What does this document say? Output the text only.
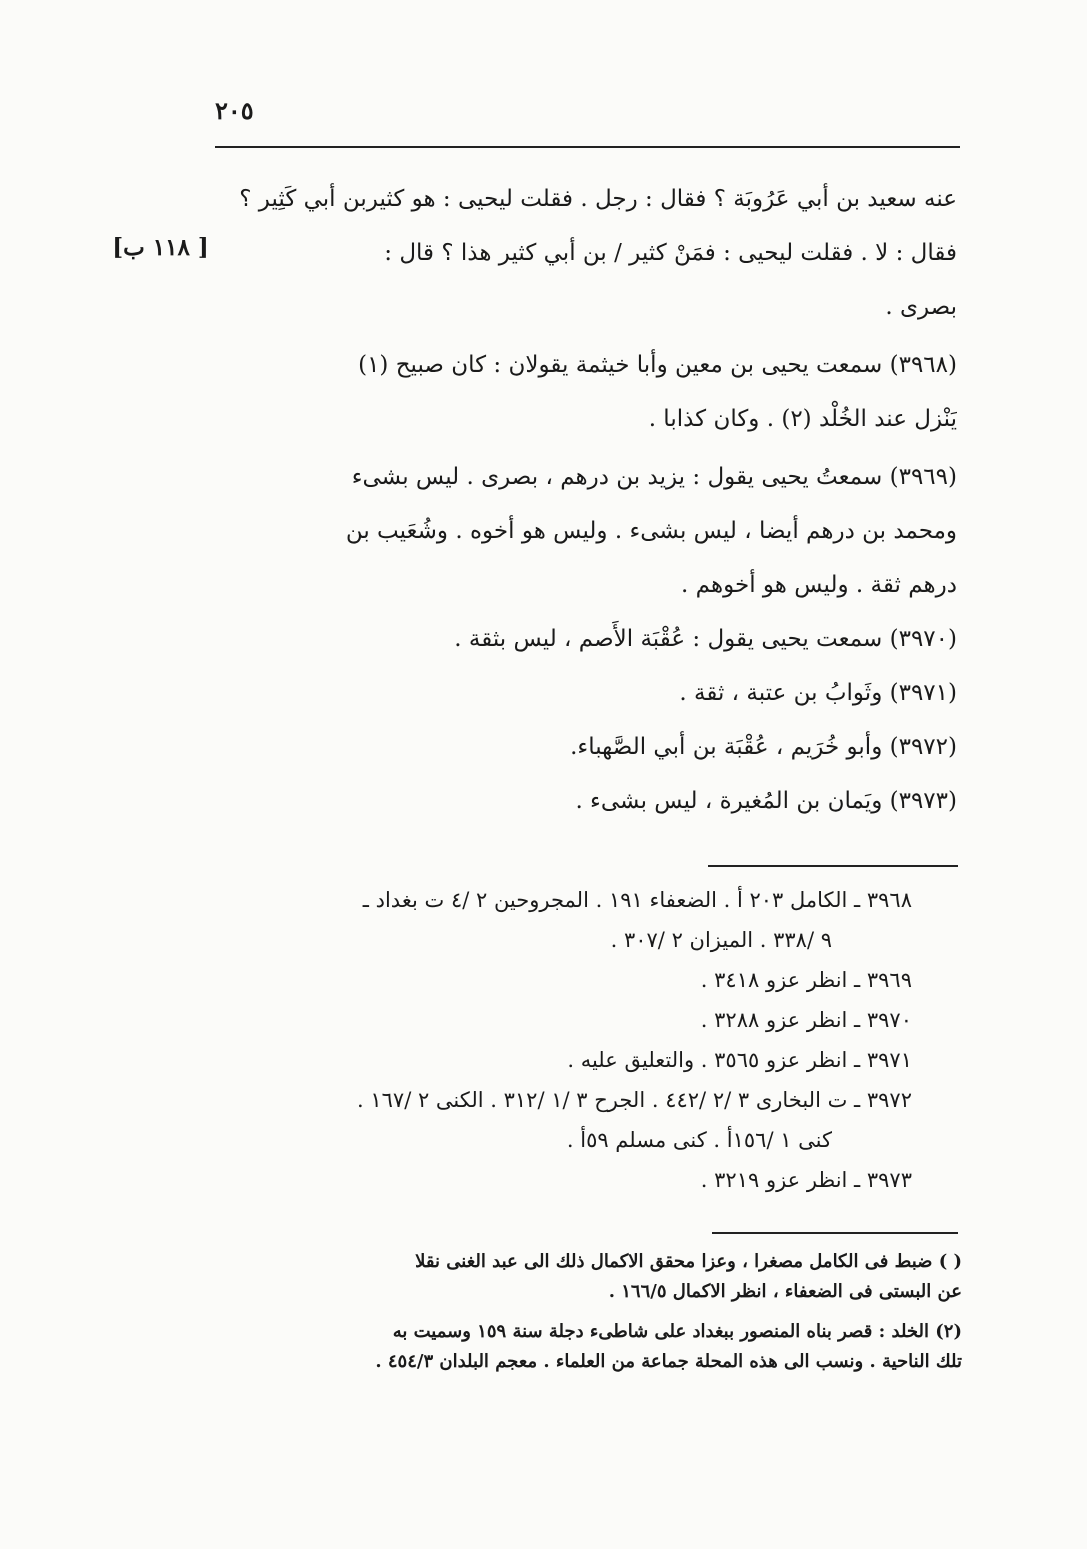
٢٠٥
[ ١١٨ ب]
عنه سعيد بن أبي عَرُوبَة ؟ فقال : رجل . فقلت ليحيى : هو كثيربن أبي كَثِير ؟
فقال : لا . فقلت ليحيى : فمَنْ كثير / بن أبي كثير هذا ؟ قال :
بصرى .
(٣٩٦٨) سمعت يحيى بن معين وأبا خيثمة يقولان : كان صبيح (١)
يَنْزل عند الخُلْد (٢) . وكان كذابا .
(٣٩٦٩) سمعتُ يحيى يقول : يزيد بن درهم ، بصرى . ليس بشىء
ومحمد بن درهم أيضا ، ليس بشىء . وليس هو أخوه . وشُعَيب بن
درهم ثقة . وليس هو أخوهم .
(٣٩٧٠) سمعت يحيى يقول : عُقْبَة الأَصم ، ليس بثقة .
(٣٩٧١) وثَوابُ بن عتبة ، ثقة .
(٣٩٧٢) وأبو خُرَيم ، عُقْبَة بن أبي الصَّهباء.
(٣٩٧٣) ويَمان بن المُغيرة ، ليس بشىء .
٣٩٦٨ ـ الكامل ٢٠٣ أ . الضعفاء ١٩١ . المجروحين ٢ /٤ ت بغداد ـ
٩ /٣٣٨ . الميزان ٢ /٣٠٧ .
٣٩٦٩ ـ انظر عزو ٣٤١٨ .
٣٩٧٠ ـ انظر عزو ٣٢٨٨ .
٣٩٧١ ـ انظر عزو ٣٥٦٥ . والتعليق عليه .
٣٩٧٢ ـ ت البخارى ٣ /٢ /٤٤٢ . الجرح ٣ /١ /٣١٢ . الكنى ٢ /١٦٧ .
كنى ١ /١٥٦أ . كنى مسلم ٥٩أ .
٣٩٧٣ ـ انظر عزو ٣٢١٩ .
( ) ضبط فى الكامل مصغرا ، وعزا محقق الاكمال ذلك الى عبد الغنى نقلا
عن البستى فى الضعفاء ، انظر الاكمال ١٦٦/٥ .
(٢) الخلد : قصر بناه المنصور ببغداد على شاطىء دجلة سنة ١٥٩ وسميت به
تلك الناحية . ونسب الى هذه المحلة جماعة من العلماء . معجم البلدان ٤٥٤/٣ .
